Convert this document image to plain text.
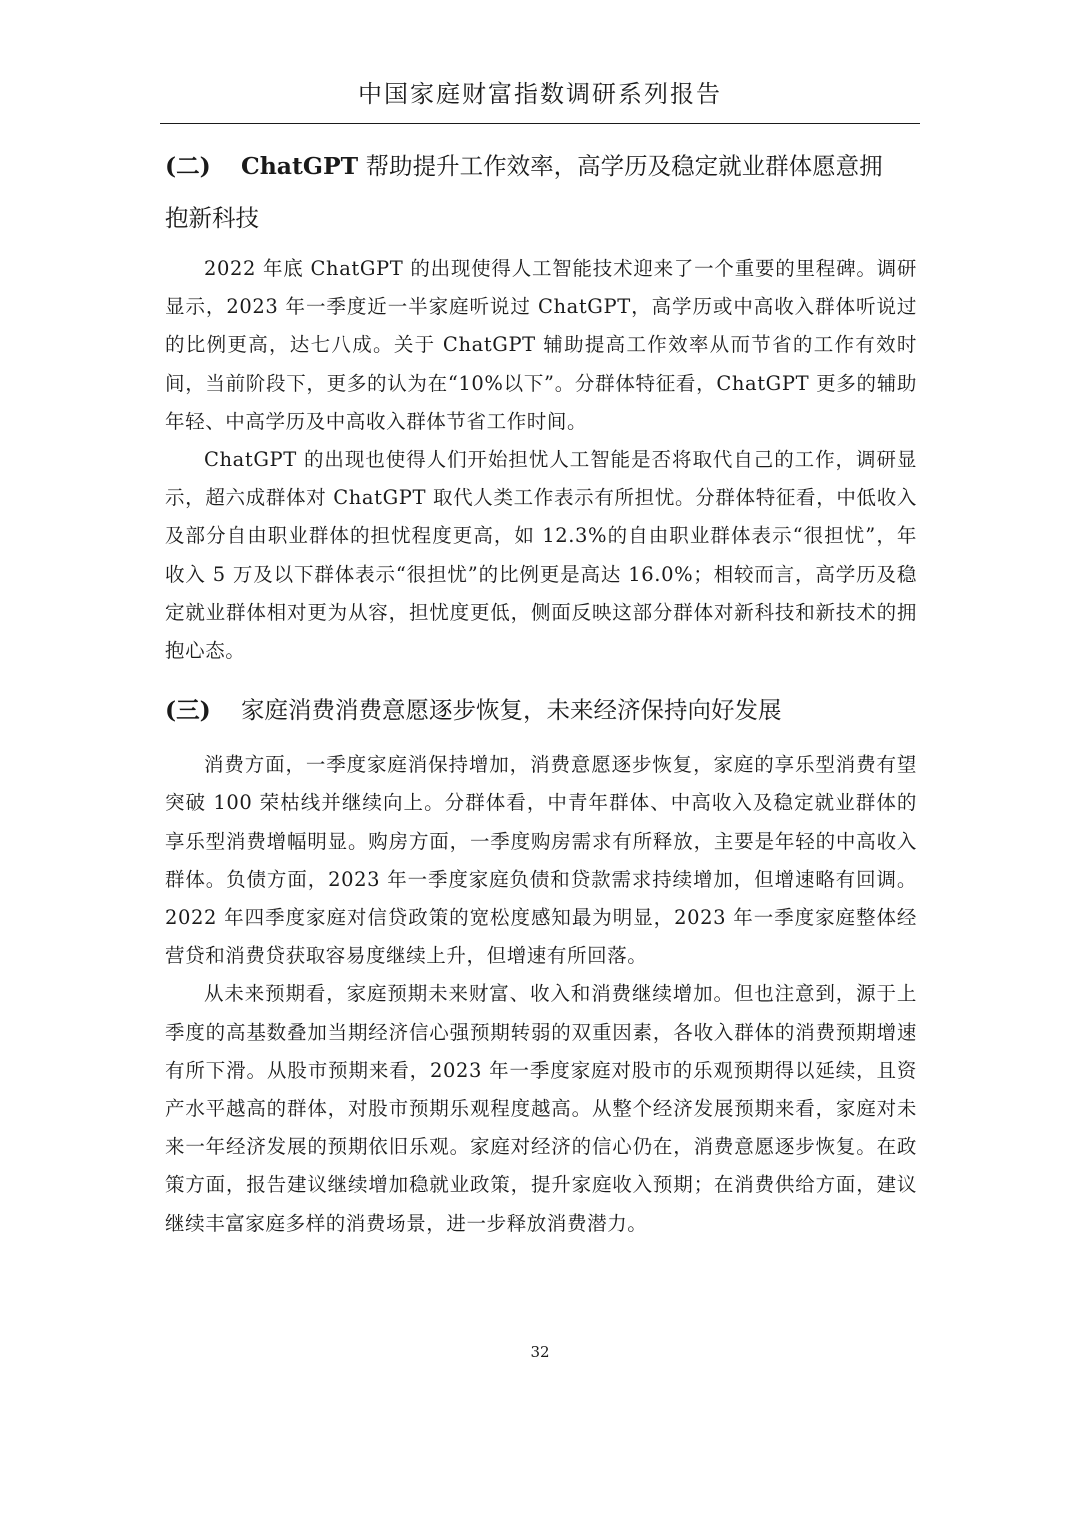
中国家庭财富指数调研系列报告
(二) ChatGPT 帮助提升工作效率，高学历及稳定就业群体愿意拥
抱新科技

2022 年底 ChatGPT 的出现使得人工智能技术迎来了一个重要的里程碑。调研显示，2023 年一季度近一半家庭听说过 ChatGPT，高学历或中高收入群体听说过的比例更高，达七八成。关于 ChatGPT 辅助提高工作效率从而节省的工作有效时间，当前阶段下，更多的认为在“10%以下”。分群体特征看，ChatGPT 更多的辅助年轻、中高学历及中高收入群体节省工作时间。

ChatGPT 的出现也使得人们开始担忧人工智能是否将取代自己的工作，调研显示，超六成群体对 ChatGPT 取代人类工作表示有所担忧。分群体特征看，中低收入及部分自由职业群体的担忧程度更高，如 12.3%的自由职业群体表示“很担忧”，年收入 5 万及以下群体表示“很担忧”的比例更是高达 16.0%；相较而言，高学历及稳定就业群体相对更为从容，担忧度更低，侧面反映这部分群体对新科技和新技术的拥抱心态。

(三) 家庭消费消费意愿逐步恢复，未来经济保持向好发展

消费方面，一季度家庭消保持增加，消费意愿逐步恢复，家庭的享乐型消费有望突破 100 荣枯线并继续向上。分群体看，中青年群体、中高收入及稳定就业群体的享乐型消费增幅明显。购房方面，一季度购房需求有所释放，主要是年轻的中高收入群体。负债方面，2023 年一季度家庭负债和贷款需求持续增加，但增速略有回调。2022 年四季度家庭对信贷政策的宽松度感知最为明显，2023 年一季度家庭整体经营贷和消费贷获取容易度继续上升，但增速有所回落。

从未来预期看，家庭预期未来财富、收入和消费继续增加。但也注意到，源于上季度的高基数叠加当期经济信心强预期转弱的双重因素，各收入群体的消费预期增速有所下滑。从股市预期来看，2023 年一季度家庭对股市的乐观预期得以延续，且资产水平越高的群体，对股市预期乐观程度越高。从整个经济发展预期来看，家庭对未来一年经济发展的预期依旧乐观。家庭对经济的信心仍在，消费意愿逐步恢复。在政策方面，报告建议继续增加稳就业政策，提升家庭收入预期；在消费供给方面，建议继续丰富家庭多样的消费场景，进一步释放消费潜力。

32
